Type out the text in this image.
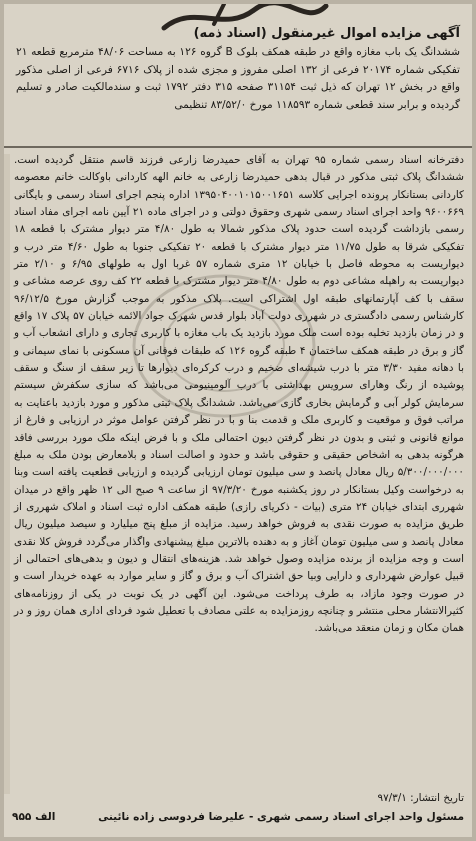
آگهی مزایده اموال غیرمنقول (اسناد ذمه)

ششدانگ یک باب مغازه واقع در طبقه همکف بلوک B گروه ۱۲۶ به مساحت ۴۸/۰۶ مترمربع قطعه ۲۱ تفکیکی شماره ۲۰۱۷۴ فرعی از ۱۳۲ اصلی مفروز و مجزی شده از پلاک ۶۷۱۶ فرعی از اصلی مذکور واقع در بخش ۱۲ تهران که ذیل ثبت ۳۱۱۵۴ صفحه ۳۱۵ دفتر ۱۷۹۲ ثبت و سندمالکیت صادر و تسلیم گردیده و برابر سند قطعی شماره ۱۱۸۵۹۳ مورخ ۸۳/۵۲/۰ تنظیمی

دفترخانه اسناد رسمی شماره ۹۵ تهران به آقای حمیدرضا زارعی فرزند قاسم منتقل گردیده است. ششدانگ پلاک ثبتی مذکور در قبال بدهی حمیدرضا زارعی به خانم الهه کاردانی باوکالت خانم معصومه کاردانی بستانکار پرونده اجرایی کلاسه ۱۳۹۵۰۴۰۰۱۰۱۵۰۰۱۶۵۱ اداره پنجم اجرای اسناد رسمی و بایگانی ۹۶۰۰۶۶۹ واحد اجرای اسناد رسمی شهری وحقوق دولتی و در اجرای ماده ۲۱ آیین نامه اجرای مفاد اسناد رسمی بازداشت گردیده است حدود پلاک مذکور شمالا به طول ۴/۸۰ متر دیوار مشترک با قطعه ۱۸ تفکیکی شرقا به طول ۱۱/۷۵ متر دیوار مشترک با قطعه ۲۰ تفکیکی جنوبا به طول ۴/۶۰ متر درب و دیواریست به محوطه فاصل با خیابان ۱۲ متری شماره ۵۷ غربا اول به طولهای ۶/۹۵ و ۲/۱۰ متر دیواریست به راهپله مشاعی دوم به طول ۴/۸۰ متر دیوار مشترک با قطعه ۲۲ کف روی عرصه مشاعی و سقف با کف آپارتمانهای طبقه اول اشتراکی است. پلاک مذکور به موجب گزارش مورخ ۹۶/۱۲/۵ کارشناس رسمی دادگستری در شهرری دولت آباد بلوار قدس شهرک جواد الائمه خیابان ۵۷ پلاک ۱۷ واقع و در زمان بازدید تخلیه بوده است ملک مورد بازدید یک باب مغازه با کاربری تجاری و دارای انشعاب آب و گاز و برق در طبقه همکف ساختمان ۴ طبقه گروه ۱۲۶ که طبقات فوقانی آن مسکونی با نمای سیمانی و با دهانه مفید ۳/۳۰ متر با درب شیشه‌ای ضخیم و درب کرکره‌ای دیوارها تا زیر سقف از سنگ و سقف پوشیده از رنگ وهارای سرویس بهداشتی با درب آلومینیومی می‌باشد که سازی سکفرش سیستم سرمایش کولر آبی و گرمایش بخاری گازی می‌باشد. ششدانگ پلاک ثبتی مذکور و مورد بازدید باعنایت به مراتب فوق و موقعیت و کاربری ملک و قدمت بنا و با در نظر گرفتن عوامل موثر در ارزیابی و فارغ از موانع قانونی و ثبتی و بدون در نظر گرفتن دیون احتمالی ملک و با فرض اینکه ملک مورد بررسی فاقد هرگونه بدهی به اشخاص حقیقی و حقوقی باشد و حدود و اصالت اسناد و بلامعارض بودن ملک به مبلغ ۵/۳۰۰/۰۰۰/۰۰۰ ریال معادل پانصد و سی میلیون تومان ارزیابی گردیده و ارزیابی قطعیت یافته است وبنا به درخواست وکیل بستانکار در روز یکشنبه مورخ ۹۷/۳/۲۰ از ساعت ۹ صبح الی ۱۲ ظهر واقع در میدان شهرری ابتدای خیابان ۲۴ متری (بیات - ذکریای رازی) طبقه همکف اداره ثبت اسناد و املاک شهرری از طریق مزایده به صورت نقدی به فروش خواهد رسید. مزایده از مبلغ پنج میلیارد و سیصد میلیون ریال معادل پانصد و سی میلیون تومان آغاز و به دهنده بالاترین مبلغ پیشنهادی واگذار می‌گردد فروش کلا نقدی است و وجه مزایده از برنده مزایده وصول خواهد شد. هزینه‌های انتقال و دیون و بدهی‌های احتمالی از قبیل عوارض شهرداری و دارایی وبیا حق اشتراک آب و برق و گاز و سایر موارد به عهده خریدار است و در صورت وجود مازاد، به طرف پرداخت می‌شود. این آگهی در یک نوبت در یکی از روزنامه‌های کثیرالانتشار محلی منتشر و چنانچه روزمزایده به علتی مصادف با تعطیل شود فردای اداری همان روز و در همان مکان و زمان منعقد می‌باشد.

تاریخ انتشار: ۹۷/۳/۱

مسئول واحد اجرای اسناد رسمی شهری - علیرضا فردوسی زاده نائینی
الف ۹۵۵
